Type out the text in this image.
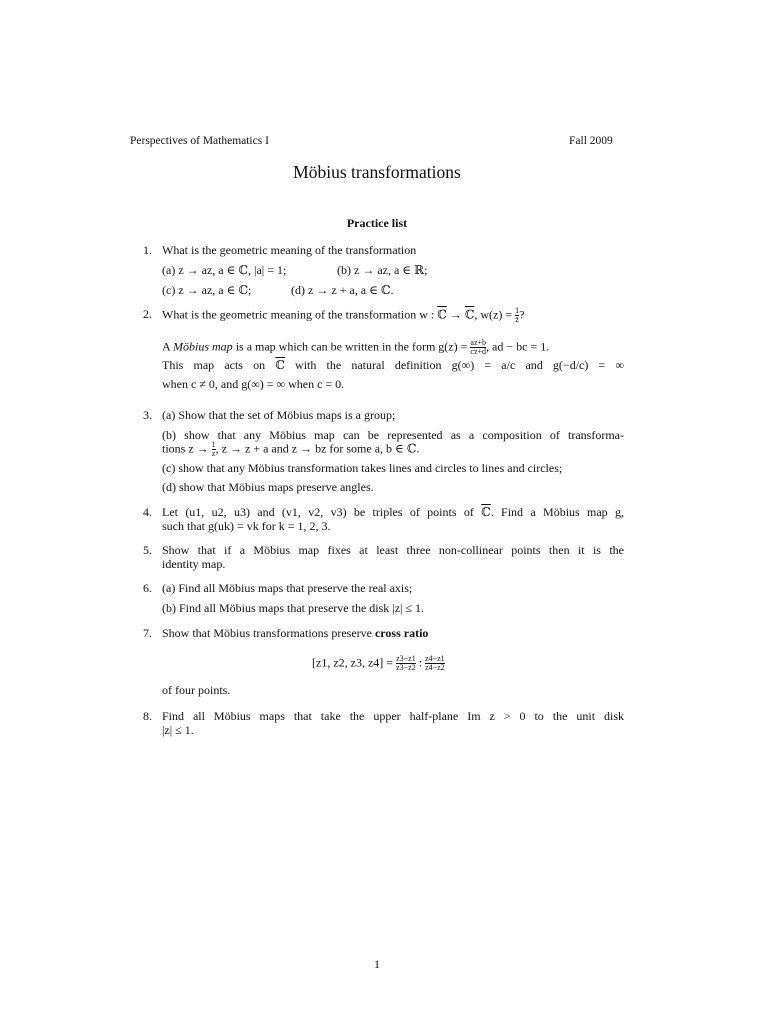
Perspectives of Mathematics I	Fall 2009
Möbius transformations
Practice list
1. What is the geometric meaning of the transformation
(a) z → az, a ∈ ℂ, |a| = 1;	(b) z → az, a ∈ ℝ;
(c) z → az, a ∈ ℂ;	(d) z → z + a, a ∈ ℂ.
2. What is the geometric meaning of the transformation w : ℂ → ℂ, $w(z) = \frac{1}{z̄}$ ?
A Möbius map is a map which can be written in the form $g(z) = \frac{az+b}{cz+d}$ , ad − bc = 1.
This map acts on ℂ with the natural definition g(∞) = a/c and g(−d/c) = ∞
when c ≠ 0, and g(∞) = ∞ when c = 0.
3. (a) Show that the set of Möbius maps is a group;
(b) show that any Möbius map can be represented as a composition of transforma-
tions $z \to \frac{1}{z}$ , z → z + a and z → bz for some a, b ∈ ℂ.
(c) show that any Möbius transformation takes lines and circles to lines and circles;
(d) show that Möbius maps preserve angles.
4. Let (u1, u2, u3) and (v1, v2, v3) be triples of points of ℂ. Find a Möbius map g,
such that g(uk) = vk for k = 1, 2, 3.
5. Show that if a Möbius map fixes at least three non-collinear points then it is the
identity map.
6. (a) Find all Möbius maps that preserve the real axis;
(b) Find all Möbius maps that preserve the disk |z| ≤ 1.
7. Show that Möbius transformations preserve cross ratio
[z1, z2, z3, $z4] = \frac{z3-z1}{z3-z2}$ : $\frac{z4-z1}{z4-z2}$
of four points.
8. Find all Möbius maps that take the upper half-plane Im z > 0 to the unit disk
|z| ≤ 1.
1
